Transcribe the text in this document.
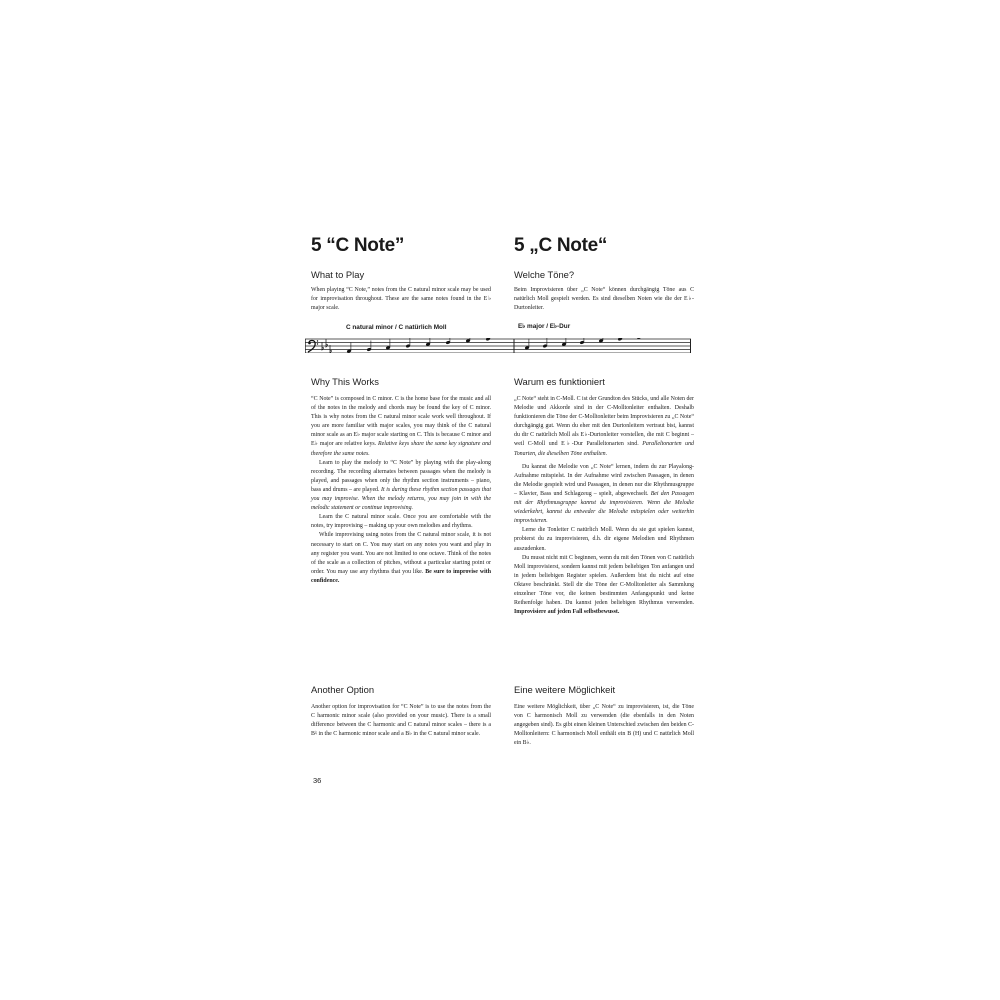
5 “C Note”
What to Play

When playing “C Note,” notes from the C natural minor scale may be used for improvisation throughout. These are the same notes found in the E♭ major scale.

C natural minor / C natürlich Moll
Why This Works

“C Note” is composed in C minor. C is the home base for the music and all of the notes in the melody and chords may be found the key of C minor. This is why notes from the C natural minor scale work well throughout. If you are more familiar with major scales, you may think of the C natural minor scale as an E♭ major scale starting on C. This is because C minor and E♭ major are relative keys. Relative keys share the same key signature and therefore the same notes.

Learn to play the melody to “C Note” by playing with the play-along recording. The recording alternates between passages when the melody is played, and passages when only the rhythm section instruments – piano, bass and drums – are played. It is during these rhythm section passages that you may improvise. When the melody returns, you may join in with the melodic statement or continue improvising.

Learn the C natural minor scale. Once you are comfortable with the notes, try improvising – making up your own melodies and rhythms.

While improvising using notes from the C natural minor scale, it is not necessary to start on C. You may start on any notes you want and play in any register you want. You are not limited to one octave. Think of the notes of the scale as a collection of pitches, without a particular starting point or order. You may use any rhythms that you like. Be sure to improvise with confidence.

Another Option

Another option for improvisation for “C Note” is to use the notes from the C harmonic minor scale (also provided on your music). There is a small difference between the C harmonic and C natural minor scales – there is a B♮ in the C harmonic minor scale and a B♭ in the C natural minor scale.

5 „C Note“
Welche Töne?

Beim Improvisieren über „C Note“ können durchgängig Töne aus C natürlich Moll gespielt werden. Es sind dieselben Noten wie die der E♭-Durtonleiter.

E♭ major / E♭-Dur
Warum es funktioniert

„C Note“ steht in C-Moll. C ist der Grundton des Stücks, und alle Noten der Melodie und Akkorde sind in der C-Molltonleiter enthalten. Deshalb funktionieren die Töne der C-Molltonleiter beim Improvisieren zu „C Note“ durchgängig gut. Wenn du eher mit den Durtonleitern vertraut bist, kannst du dir C natürlich Moll als E♭-Durtonleiter vorstellen, die mit C beginnt – weil C-Moll und E♭-Dur Paralleltonarten sind. Paralleltonarten und Tonarten, die dieselben Töne enthalten.

Du kannst die Melodie von „C Note“ lernen, indem du zur Playalong-Aufnahme mitspielst. In der Aufnahme wird zwischen Passagen, in denen die Melodie gespielt wird und Passagen, in denen nur die Rhythmusgruppe – Klavier, Bass und Schlagzeug – spielt, abgewechselt. Bei den Passagen mit der Rhythmusgruppe kannst du improvisieren. Wenn die Melodie wiederkehrt, kannst du entweder die Melodie mitspielen oder weiterhin improvisieren.

Lerne die Tonleiter C natürlich Moll. Wenn du sie gut spielen kannst, probierst du zu improvisieren, d.h. dir eigene Melodien und Rhythmen auszudenken.

Du musst nicht mit C beginnen, wenn du mit den Tönen von C natürlich Moll improvisierst, sondern kannst mit jedem beliebigen Ton anfangen und in jedem beliebigen Register spielen. Außerdem bist du nicht auf eine Oktave beschränkt. Stell dir die Töne der C-Molltonleiter als Sammlung einzelner Töne vor, die keinen bestimmten Anfangspunkt und keine Reihenfolge haben. Du kannst jeden beliebigen Rhythmus verwenden. Improvisiere auf jeden Fall selbstbewusst.

Eine weitere Möglichkeit

Eine weitere Möglichkeit, über „C Note“ zu improvisieren, ist, die Töne von C harmonisch Moll zu verwenden (die ebenfalls in den Noten angegeben sind). Es gibt einen kleinen Unterschied zwischen den beiden C-Molltonleitern: C harmonisch Moll enthält ein B (H) und C natürlich Moll ein B♭.

36
